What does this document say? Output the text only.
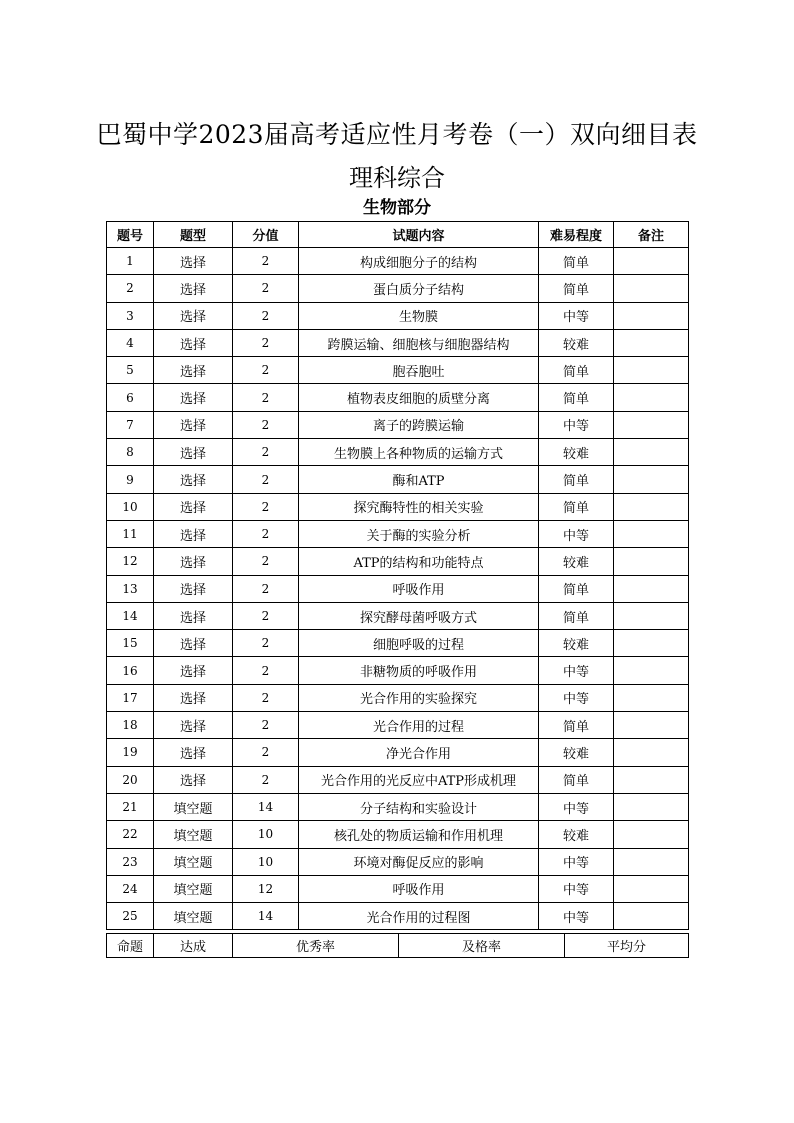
巴蜀中学2023届高考适应性月考卷（一）双向细目表
理科综合
生物部分
题号	题型	分值	试题内容	难易程度	备注
1	选择	2	构成细胞分子的结构	简单	
2	选择	2	蛋白质分子结构	简单	
3	选择	2	生物膜	中等	
4	选择	2	跨膜运输、细胞核与细胞器结构	较难	
5	选择	2	胞吞胞吐	简单	
6	选择	2	植物表皮细胞的质壁分离	简单	
7	选择	2	离子的跨膜运输	中等	
8	选择	2	生物膜上各种物质的运输方式	较难	
9	选择	2	酶和ATP	简单	
10	选择	2	探究酶特性的相关实验	简单	
11	选择	2	关于酶的实验分析	中等	
12	选择	2	ATP的结构和功能特点	较难	
13	选择	2	呼吸作用	简单	
14	选择	2	探究酵母菌呼吸方式	简单	
15	选择	2	细胞呼吸的过程	较难	
16	选择	2	非糖物质的呼吸作用	中等	
17	选择	2	光合作用的实验探究	中等	
18	选择	2	光合作用的过程	简单	
19	选择	2	净光合作用	较难	
20	选择	2	光合作用的光反应中ATP形成机理	简单	
21	填空题	14	分子结构和实验设计	中等	
22	填空题	10	核孔处的物质运输和作用机理	较难	
23	填空题	10	环境对酶促反应的影响	中等	
24	填空题	12	呼吸作用	中等	
25	填空题	14	光合作用的过程图	中等	
命题	达成	优秀率	及格率	平均分
